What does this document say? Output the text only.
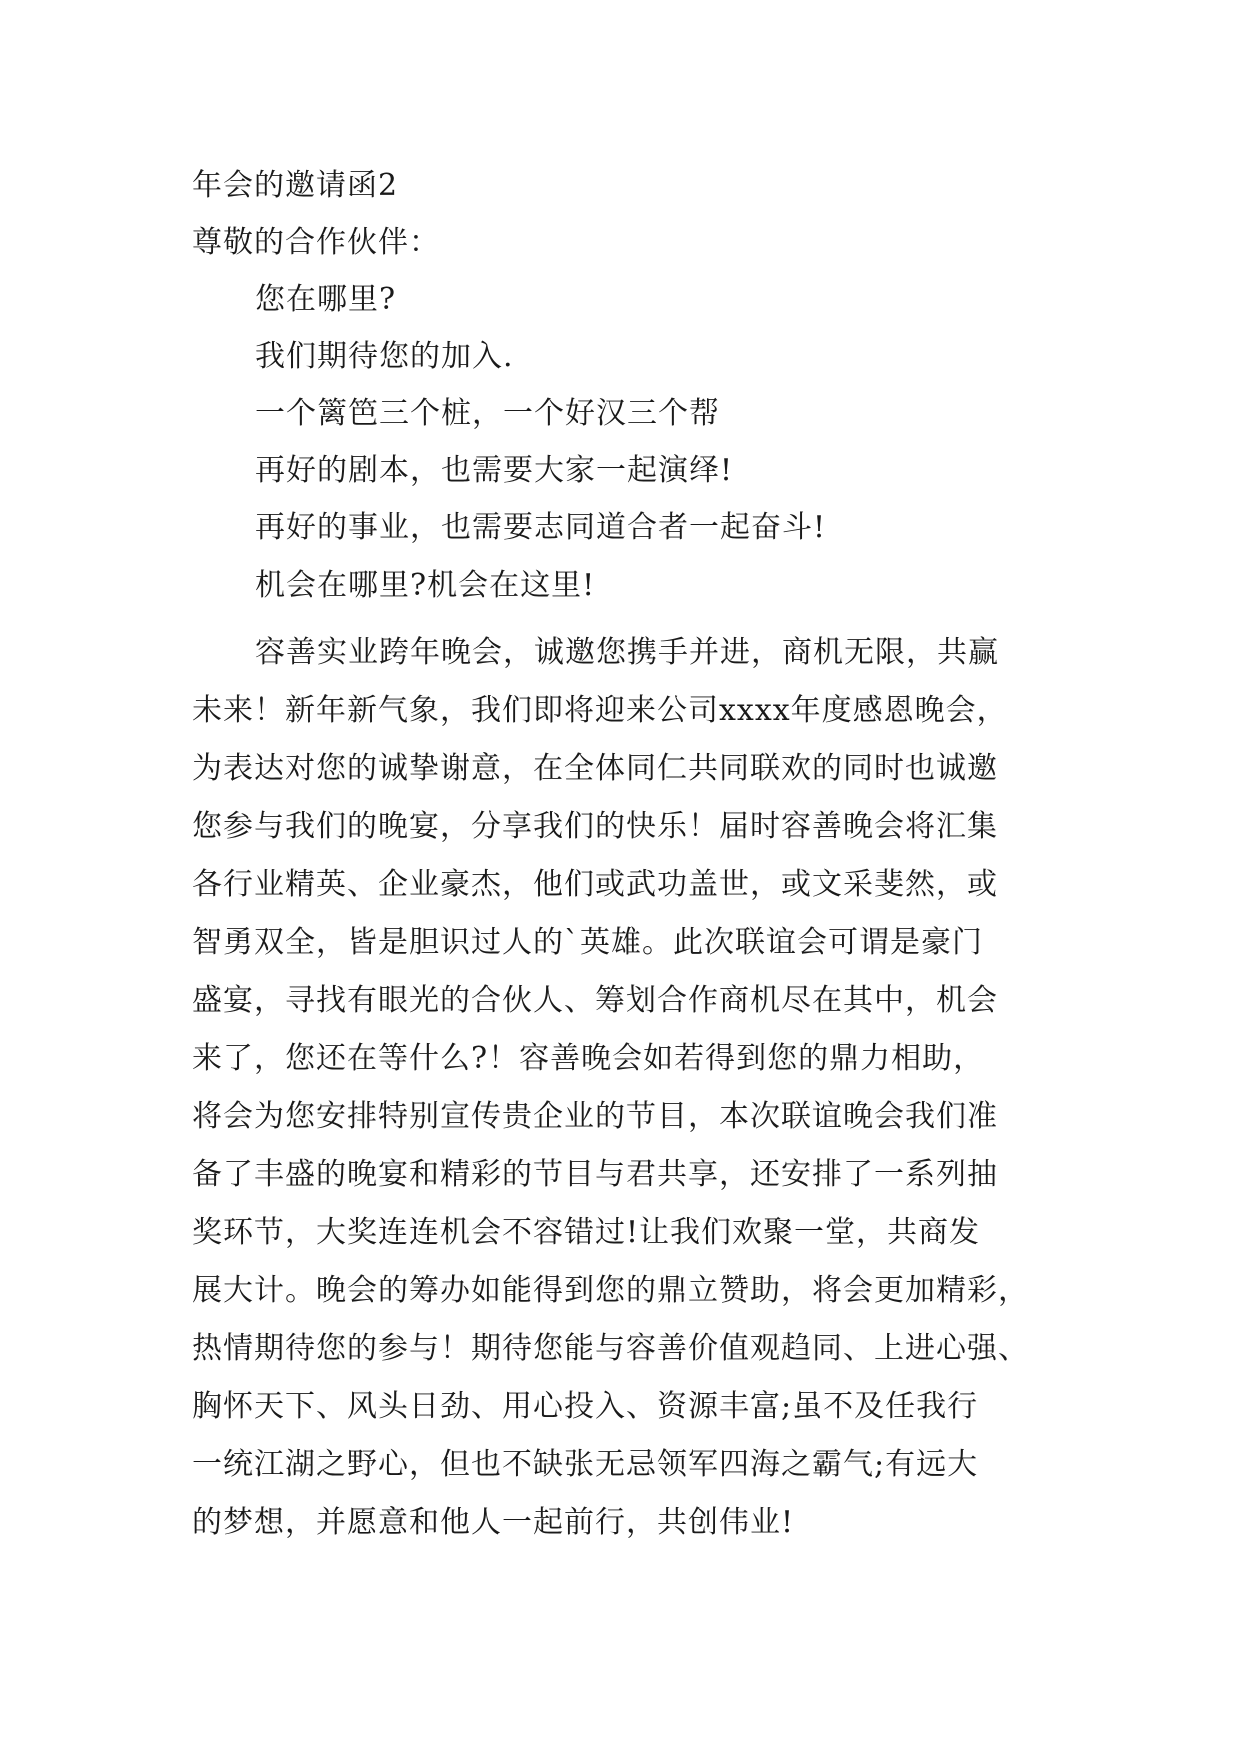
年会的邀请函2
尊敬的合作伙伴：
您在哪里?
我们期待您的加入.
一个篱笆三个桩，一个好汉三个帮
再好的剧本，也需要大家一起演绎!
再好的事业，也需要志同道合者一起奋斗!
机会在哪里?机会在这里!
容善实业跨年晚会，诚邀您携手并进，商机无限，共赢
未来！新年新气象，我们即将迎来公司xxxx年度感恩晚会，
为表达对您的诚挚谢意，在全体同仁共同联欢的同时也诚邀
您参与我们的晚宴，分享我们的快乐！届时容善晚会将汇集
各行业精英、企业豪杰，他们或武功盖世，或文采斐然，或
智勇双全，皆是胆识过人的`英雄。此次联谊会可谓是豪门
盛宴，寻找有眼光的合伙人、筹划合作商机尽在其中，机会
来了，您还在等什么?！容善晚会如若得到您的鼎力相助，
将会为您安排特别宣传贵企业的节目，本次联谊晚会我们准
备了丰盛的晚宴和精彩的节目与君共享，还安排了一系列抽
奖环节，大奖连连机会不容错过!让我们欢聚一堂，共商发
展大计。晚会的筹办如能得到您的鼎立赞助，将会更加精彩，
热情期待您的参与！期待您能与容善价值观趋同、上进心强、
胸怀天下、风头日劲、用心投入、资源丰富;虽不及任我行
一统江湖之野心，但也不缺张无忌领军四海之霸气;有远大
的梦想，并愿意和他人一起前行，共创伟业!
